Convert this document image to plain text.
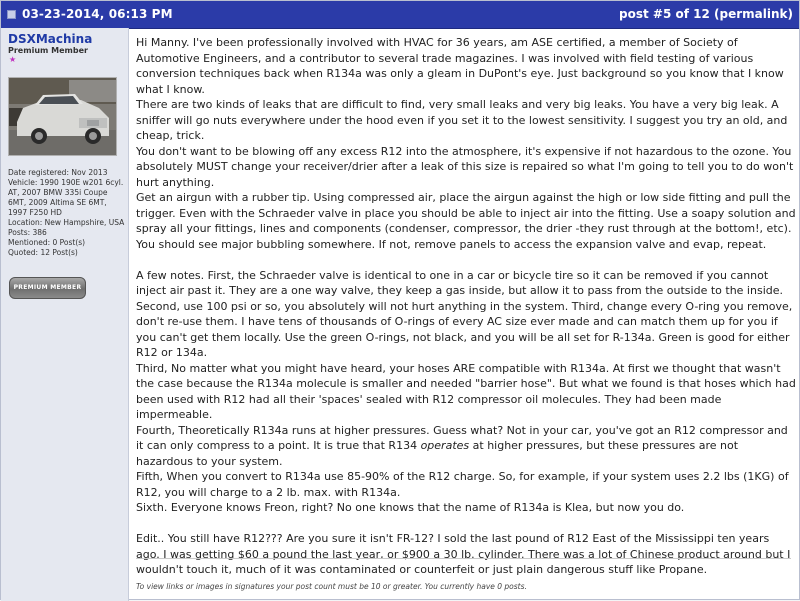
03-23-2014, 06:13 PM	post #5 of 12 (permalink)
DSXMachina
Premium Member
★
Date registered: Nov 2013
Vehicle: 1990 190E w201 6cyl. AT, 2007 BMW 335i Coupe 6MT, 2009 Altima SE 6MT, 1997 F250 HD
Location: New Hampshire, USA
Posts: 386
Mentioned: 0 Post(s)
Quoted: 12 Post(s)
PREMIUM MEMBER

Hi Manny. I've been professionally involved with HVAC for 36 years, am ASE certified, a member of Society of Automotive Engineers, and a contributor to several trade magazines. I was involved with field testing of various conversion techniques back when R134a was only a gleam in DuPont's eye. Just background so you know that I know what I know.

There are two kinds of leaks that are difficult to find, very small leaks and very big leaks. You have a very big leak. A sniffer will go nuts everywhere under the hood even if you set it to the lowest sensitivity. I suggest you try an old, and cheap, trick.

You don't want to be blowing off any excess R12 into the atmosphere, it's expensive if not hazardous to the ozone. You absolutely MUST change your receiver/drier after a leak of this size is repaired so what I'm going to tell you to do won't hurt anything.

Get an airgun with a rubber tip. Using compressed air, place the airgun against the high or low side fitting and pull the trigger. Even with the Schraeder valve in place you should be able to inject air into the fitting. Use a soapy solution and spray all your fittings, lines and components (condenser, compressor, the drier -they rust through at the bottom!, etc). You should see major bubbling somewhere. If not, remove panels to access the expansion valve and evap, repeat.

A few notes. First, the Schraeder valve is identical to one in a car or bicycle tire so it can be removed if you cannot inject air past it. They are a one way valve, they keep a gas inside, but allow it to pass from the outside to the inside.

Second, use 100 psi or so, you absolutely will not hurt anything in the system. Third, change every O-ring you remove, don't re-use them. I have tens of thousands of O-rings of every AC size ever made and can match them up for you if you can't get them locally. Use the green O-rings, not black, and you will be all set for R-134a. Green is good for either R12 or 134a.

Third, No matter what you might have heard, your hoses ARE compatible with R134a. At first we thought that wasn't the case because the R134a molecule is smaller and needed "barrier hose". But what we found is that hoses which had been used with R12 had all their 'spaces' sealed with R12 compressor oil molecules. They had been made impermeable.

Fourth, Theoretically R134a runs at higher pressures. Guess what? Not in your car, you've got an R12 compressor and it can only compress to a point. It is true that R134 operates at higher pressures, but these pressures are not hazardous to your system.

Fifth, When you convert to R134a use 85-90% of the R12 charge. So, for example, if your system uses 2.2 lbs (1KG) of R12, you will charge to a 2 lb. max. with R134a.

Sixth. Everyone knows Freon, right? No one knows that the name of R134a is Klea, but now you do.

Edit.. You still have R12??? Are you sure it isn't FR-12? I sold the last pound of R12 East of the Mississippi ten years ago. I was getting $60 a pound the last year, or $900 a 30 lb. cylinder. There was a lot of Chinese product around but I wouldn't touch it, much of it was contaminated or counterfeit or just plain dangerous stuff like Propane.

To view links or images in signatures your post count must be 10 or greater. You currently have 0 posts.
